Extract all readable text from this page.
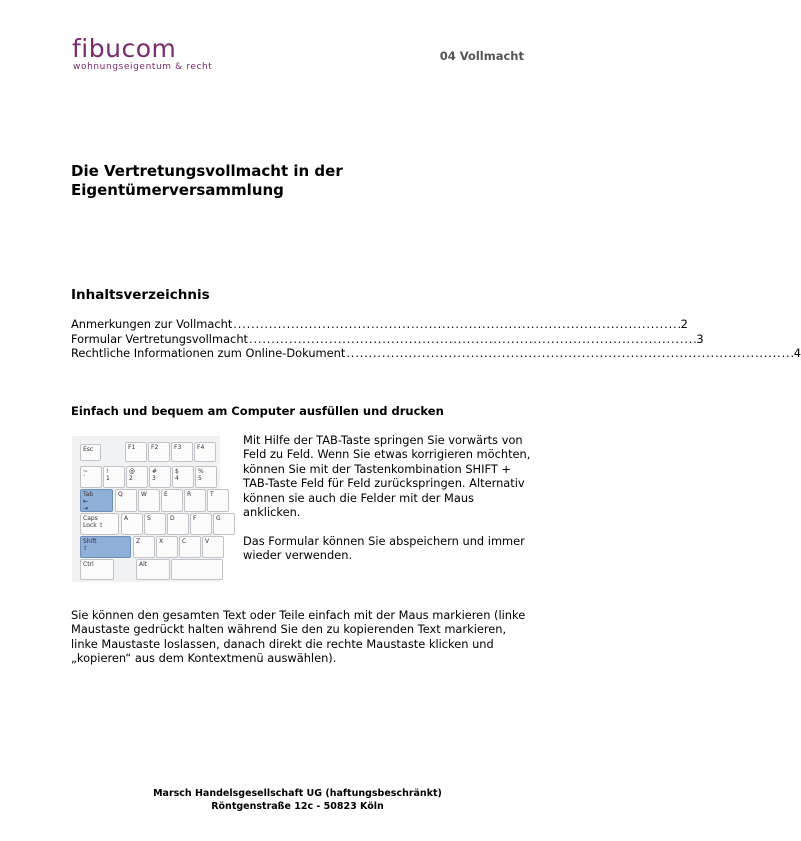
fibucom
wohnungseigentum & recht
04 Vollmacht
Die Vertretungsvollmacht in der
Eigentümerversammlung
Inhaltsverzeichnis
Anmerkungen zur Vollmacht . . .	2
Formular Vertretungsvollmacht . . .	3
Rechtliche Informationen zum Online-Dokument . . .	4
Einfach und bequem am Computer ausfüllen und drucken
Esc	F1	F2	F3	F4
~
`
!
1
@
2
#
3
$
4
%
5
Tab
⇤
⇥
Q	W	E	R	T
Caps
Lock ⇪
A	S	D	F	G
Shift
⇧
Z	X	C	V
Ctrl	Alt

Mit Hilfe der TAB-Taste springen Sie vorwärts von Feld zu Feld. Wenn Sie etwas korrigieren möchten, können Sie mit der Tastenkombination SHIFT + TAB-Taste Feld für Feld zurückspringen. Alternativ können sie auch die Felder mit der Maus anklicken.

Das Formular können Sie abspeichern und immer wieder verwenden.

Sie können den gesamten Text oder Teile einfach mit der Maus markieren (linke Maustaste gedrückt halten während Sie den zu kopierenden Text markieren, linke Maustaste loslassen, danach direkt die rechte Maustaste klicken und „kopieren“ aus dem Kontextmenü auswählen).
Marsch Handelsgesellschaft UG (haftungsbeschränkt)
Röntgenstraße 12c - 50823 Köln
